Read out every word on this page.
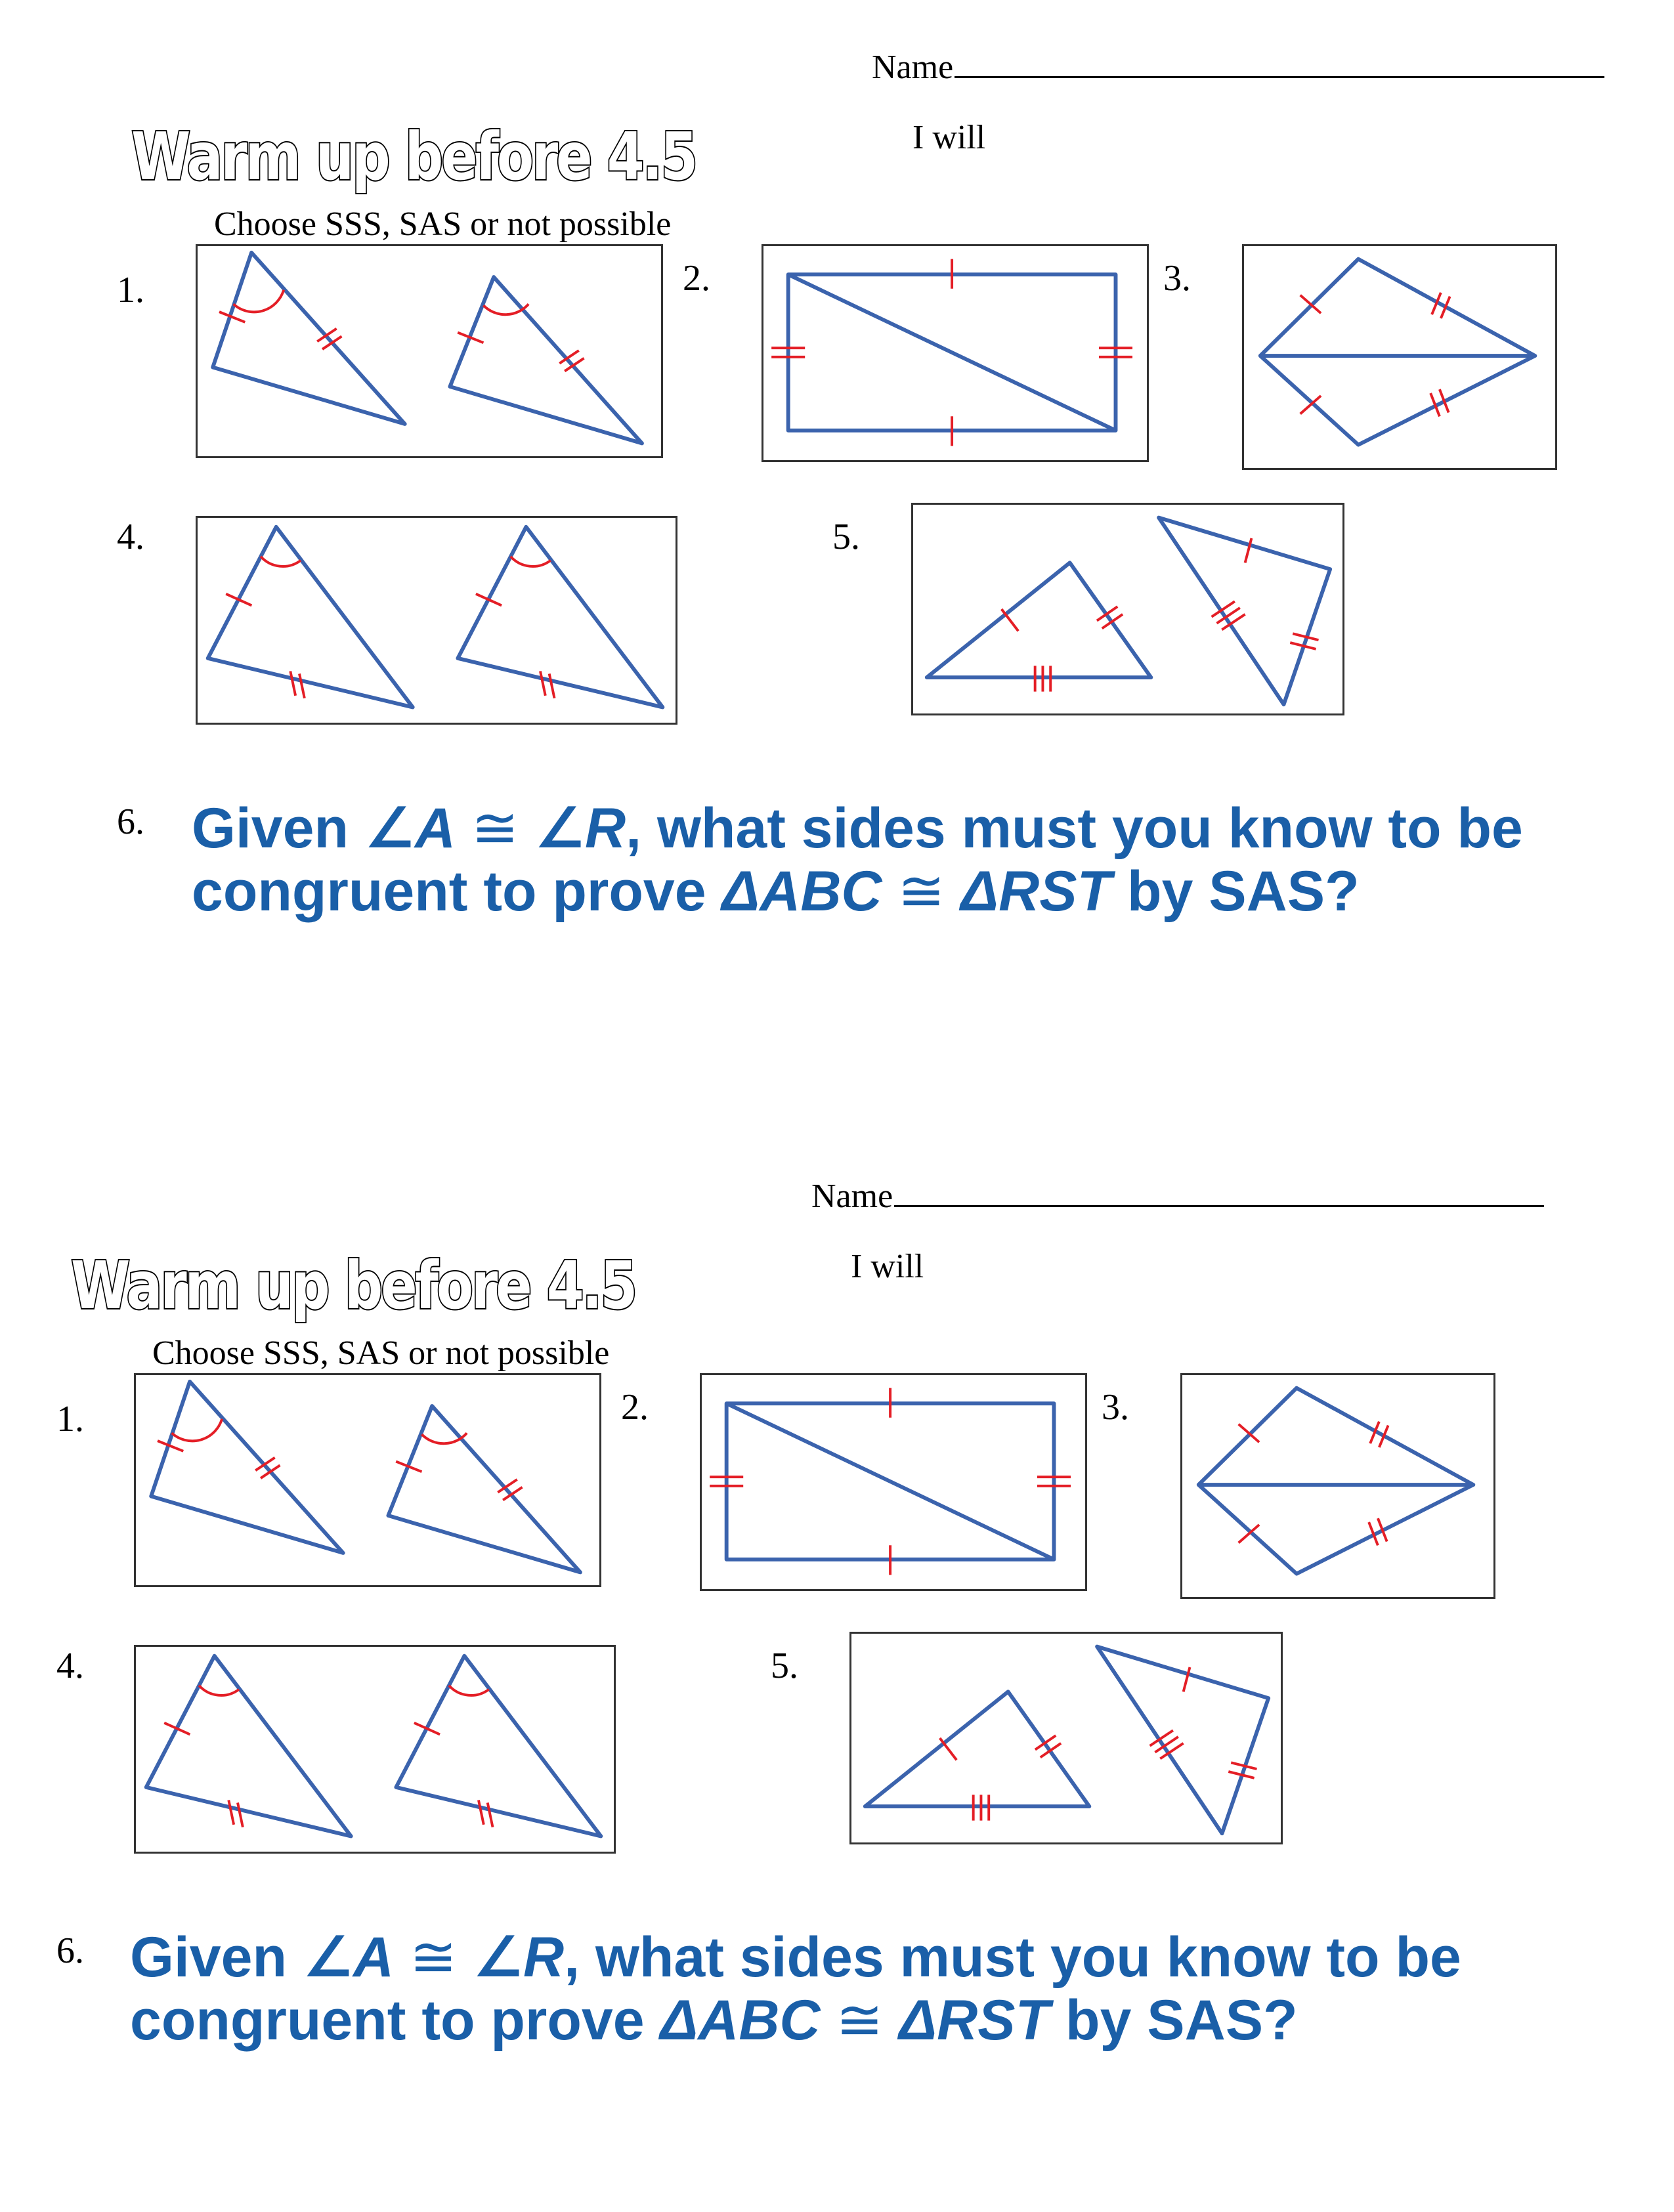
Name
I will
Warm up before 4.5
Choose SSS, SAS or not possible
1.	2.	3.
4.	5.
6. Given ∠A ≅ ∠R, what sides must you know to be
congruent to prove ΔABC ≅ ΔRST by SAS?
Name
I will
Warm up before 4.5
Choose SSS, SAS or not possible
1.	2.	3.
4.	5.
6. Given ∠A ≅ ∠R, what sides must you know to be
congruent to prove ΔABC ≅ ΔRST by SAS?
